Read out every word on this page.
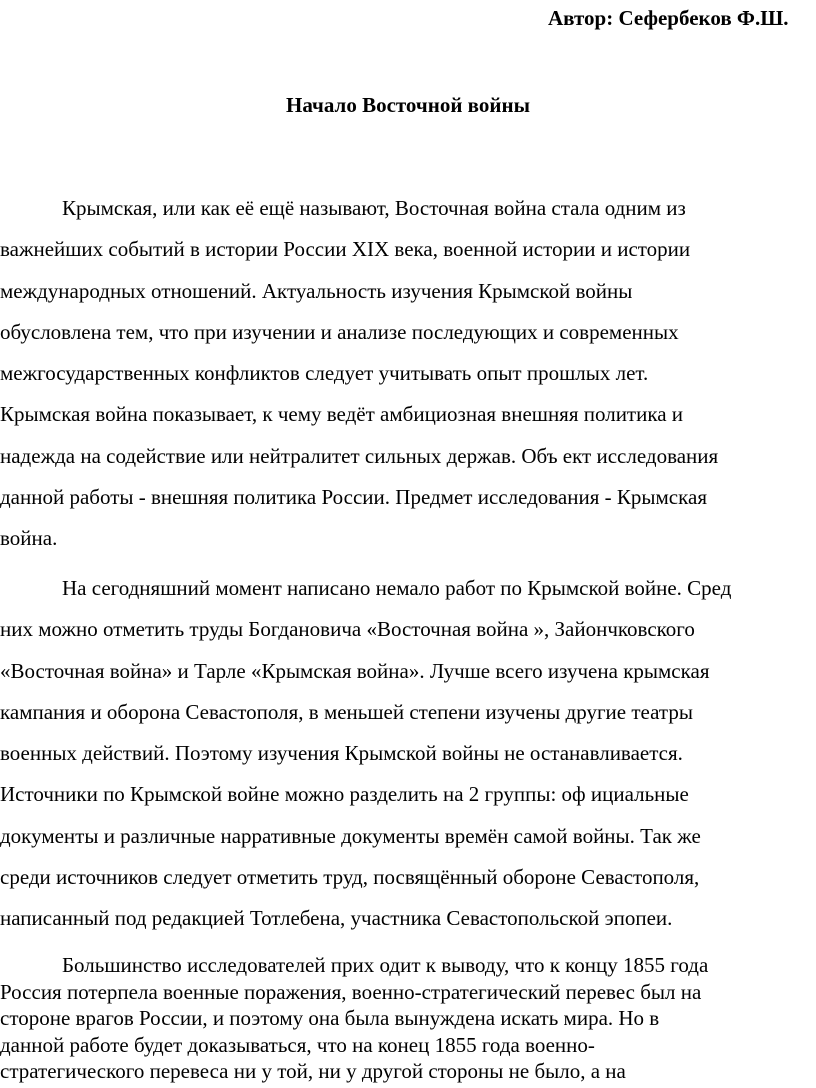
Автор: Сефербеков Ф.Ш.
Начало Восточной войны
Крымская, или как её ещё называют, Восточная война стала одним из
важнейших событий в истории России XIX века, военной истории и истории
международных отношений. Актуальность изучения Крымской войны
обусловлена тем, что при изучении и анализе последующих и современных
межгосударственных конфликтов следует учитывать опыт прошлых лет.
Крымская война показывает, к чему ведёт амбициозная внешняя политика и
надежда на содействие или нейтралитет сильных держав. Объ ект исследования
данной работы - внешняя политика России. Предмет исследования - Крымская
война.
На сегодняшний момент написано немало работ по Крымской войне. Сред
них можно отметить труды Богдановича «Восточная война », Зайончковского
«Восточная война» и Тарле «Крымская война». Лучше всего изучена крымская
кампания и оборона Севастополя, в меньшей степени изучены другие театры
военных действий. Поэтому изучения Крымской войны не останавливается.
Источники по Крымской войне можно разделить на 2 группы: оф ициальные
документы и различные нарративные документы времён самой войны. Так же
среди источников следует отметить труд, посвящённый обороне Севастополя,
написанный под редакцией Тотлебена, участника Севастопольской эпопеи.
Большинство исследователей прих одит к выводу, что к концу 1855 года
Россия потерпела военные поражения, военно-стратегический перевес был на
стороне врагов России, и поэтому она была вынуждена искать мира. Но в
данной работе будет доказываться, что на конец 1855 года военно-
стратегического перевеса ни у той, ни у другой стороны не было, а на
